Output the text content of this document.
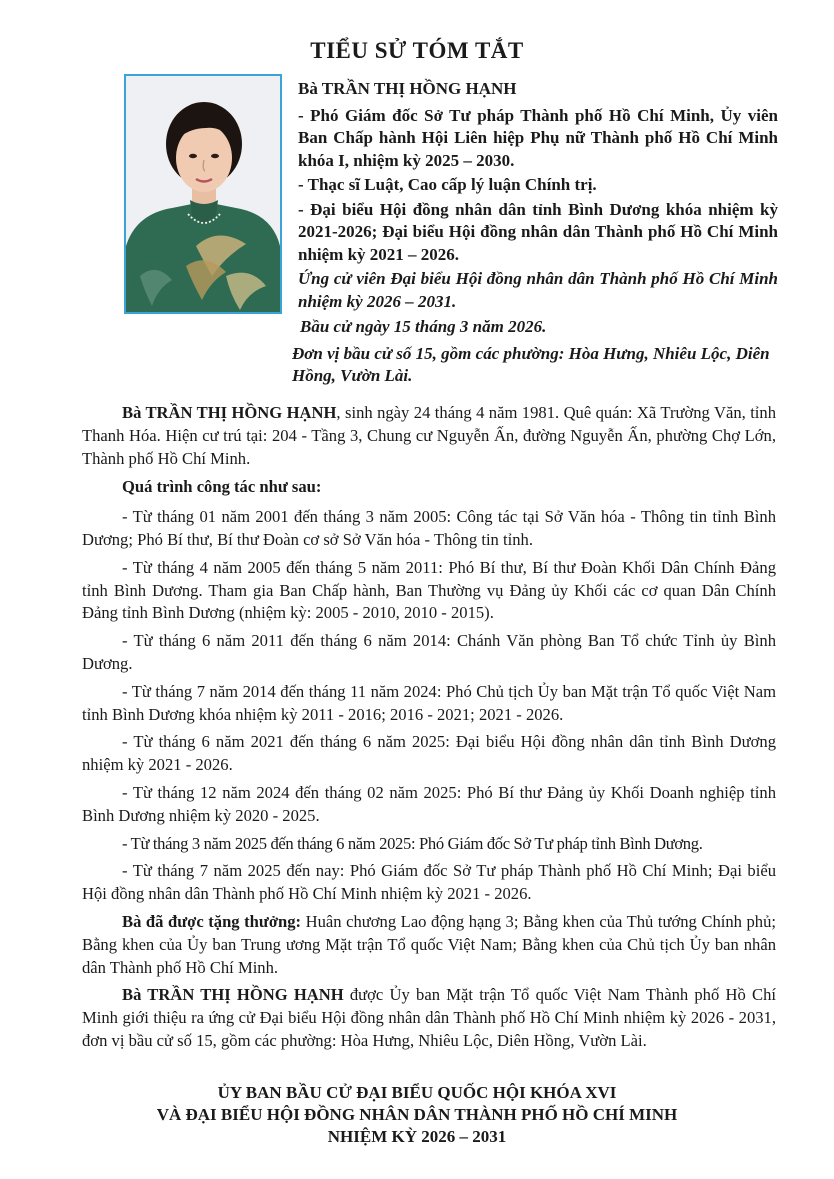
TIỂU SỬ TÓM TẮT

Bà TRẦN THỊ HỒNG HẠNH

- Phó Giám đốc Sở Tư pháp Thành phố Hồ Chí Minh, Ủy viên Ban Chấp hành Hội Liên hiệp Phụ nữ Thành phố Hồ Chí Minh khóa I, nhiệm kỳ 2025 – 2030.

- Thạc sĩ Luật, Cao cấp lý luận Chính trị.

- Đại biểu Hội đồng nhân dân tỉnh Bình Dương khóa nhiệm kỳ 2021-2026; Đại biểu Hội đồng nhân dân Thành phố Hồ Chí Minh nhiệm kỳ 2021 – 2026.

Ứng cử viên Đại biểu Hội đồng nhân dân Thành phố Hồ Chí Minh nhiệm kỳ 2026 – 2031.

Bầu cử ngày 15 tháng 3 năm 2026.

Đơn vị bầu cử số 15, gồm các phường: Hòa Hưng, Nhiêu Lộc, Diên Hồng, Vườn Lài.

Bà TRẦN THỊ HỒNG HẠNH, sinh ngày 24 tháng 4 năm 1981. Quê quán: Xã Trường Văn, tỉnh Thanh Hóa. Hiện cư trú tại: 204 - Tầng 3, Chung cư Nguyễn Ấn, đường Nguyễn Ấn, phường Chợ Lớn, Thành phố Hồ Chí Minh.

Quá trình công tác như sau:

- Từ tháng 01 năm 2001 đến tháng 3 năm 2005: Công tác tại Sở Văn hóa - Thông tin tỉnh Bình Dương; Phó Bí thư, Bí thư Đoàn cơ sở Sở Văn hóa - Thông tin tỉnh.

- Từ tháng 4 năm 2005 đến tháng 5 năm 2011: Phó Bí thư, Bí thư Đoàn Khối Dân Chính Đảng tỉnh Bình Dương. Tham gia Ban Chấp hành, Ban Thường vụ Đảng ủy Khối các cơ quan Dân Chính Đảng tỉnh Bình Dương (nhiệm kỳ: 2005 - 2010, 2010 - 2015).

- Từ tháng 6 năm 2011 đến tháng 6 năm 2014: Chánh Văn phòng Ban Tổ chức Tỉnh ủy Bình Dương.

- Từ tháng 7 năm 2014 đến tháng 11 năm 2024: Phó Chủ tịch Ủy ban Mặt trận Tổ quốc Việt Nam tỉnh Bình Dương khóa nhiệm kỳ 2011 - 2016; 2016 - 2021; 2021 - 2026.

- Từ tháng 6 năm 2021 đến tháng 6 năm 2025: Đại biểu Hội đồng nhân dân tỉnh Bình Dương nhiệm kỳ 2021 - 2026.

- Từ tháng 12 năm 2024 đến tháng 02 năm 2025: Phó Bí thư Đảng ủy Khối Doanh nghiệp tỉnh Bình Dương nhiệm kỳ 2020 - 2025.

- Từ tháng 3 năm 2025 đến tháng 6 năm 2025: Phó Giám đốc Sở Tư pháp tỉnh Bình Dương.

- Từ tháng 7 năm 2025 đến nay: Phó Giám đốc Sở Tư pháp Thành phố Hồ Chí Minh; Đại biểu Hội đồng nhân dân Thành phố Hồ Chí Minh nhiệm kỳ 2021 - 2026.

Bà đã được tặng thưởng: Huân chương Lao động hạng 3; Bằng khen của Thủ tướng Chính phủ; Bằng khen của Ủy ban Trung ương Mặt trận Tổ quốc Việt Nam; Bằng khen của Chủ tịch Ủy ban nhân dân Thành phố Hồ Chí Minh.

Bà TRẦN THỊ HỒNG HẠNH được Ủy ban Mặt trận Tổ quốc Việt Nam Thành phố Hồ Chí Minh giới thiệu ra ứng cử Đại biểu Hội đồng nhân dân Thành phố Hồ Chí Minh nhiệm kỳ 2026 - 2031, đơn vị bầu cử số 15, gồm các phường: Hòa Hưng, Nhiêu Lộc, Diên Hồng, Vườn Lài.

ỦY BAN BẦU CỬ ĐẠI BIỂU QUỐC HỘI KHÓA XVI
VÀ ĐẠI BIỂU HỘI ĐỒNG NHÂN DÂN THÀNH PHỐ HỒ CHÍ MINH
NHIỆM KỲ 2026 – 2031
